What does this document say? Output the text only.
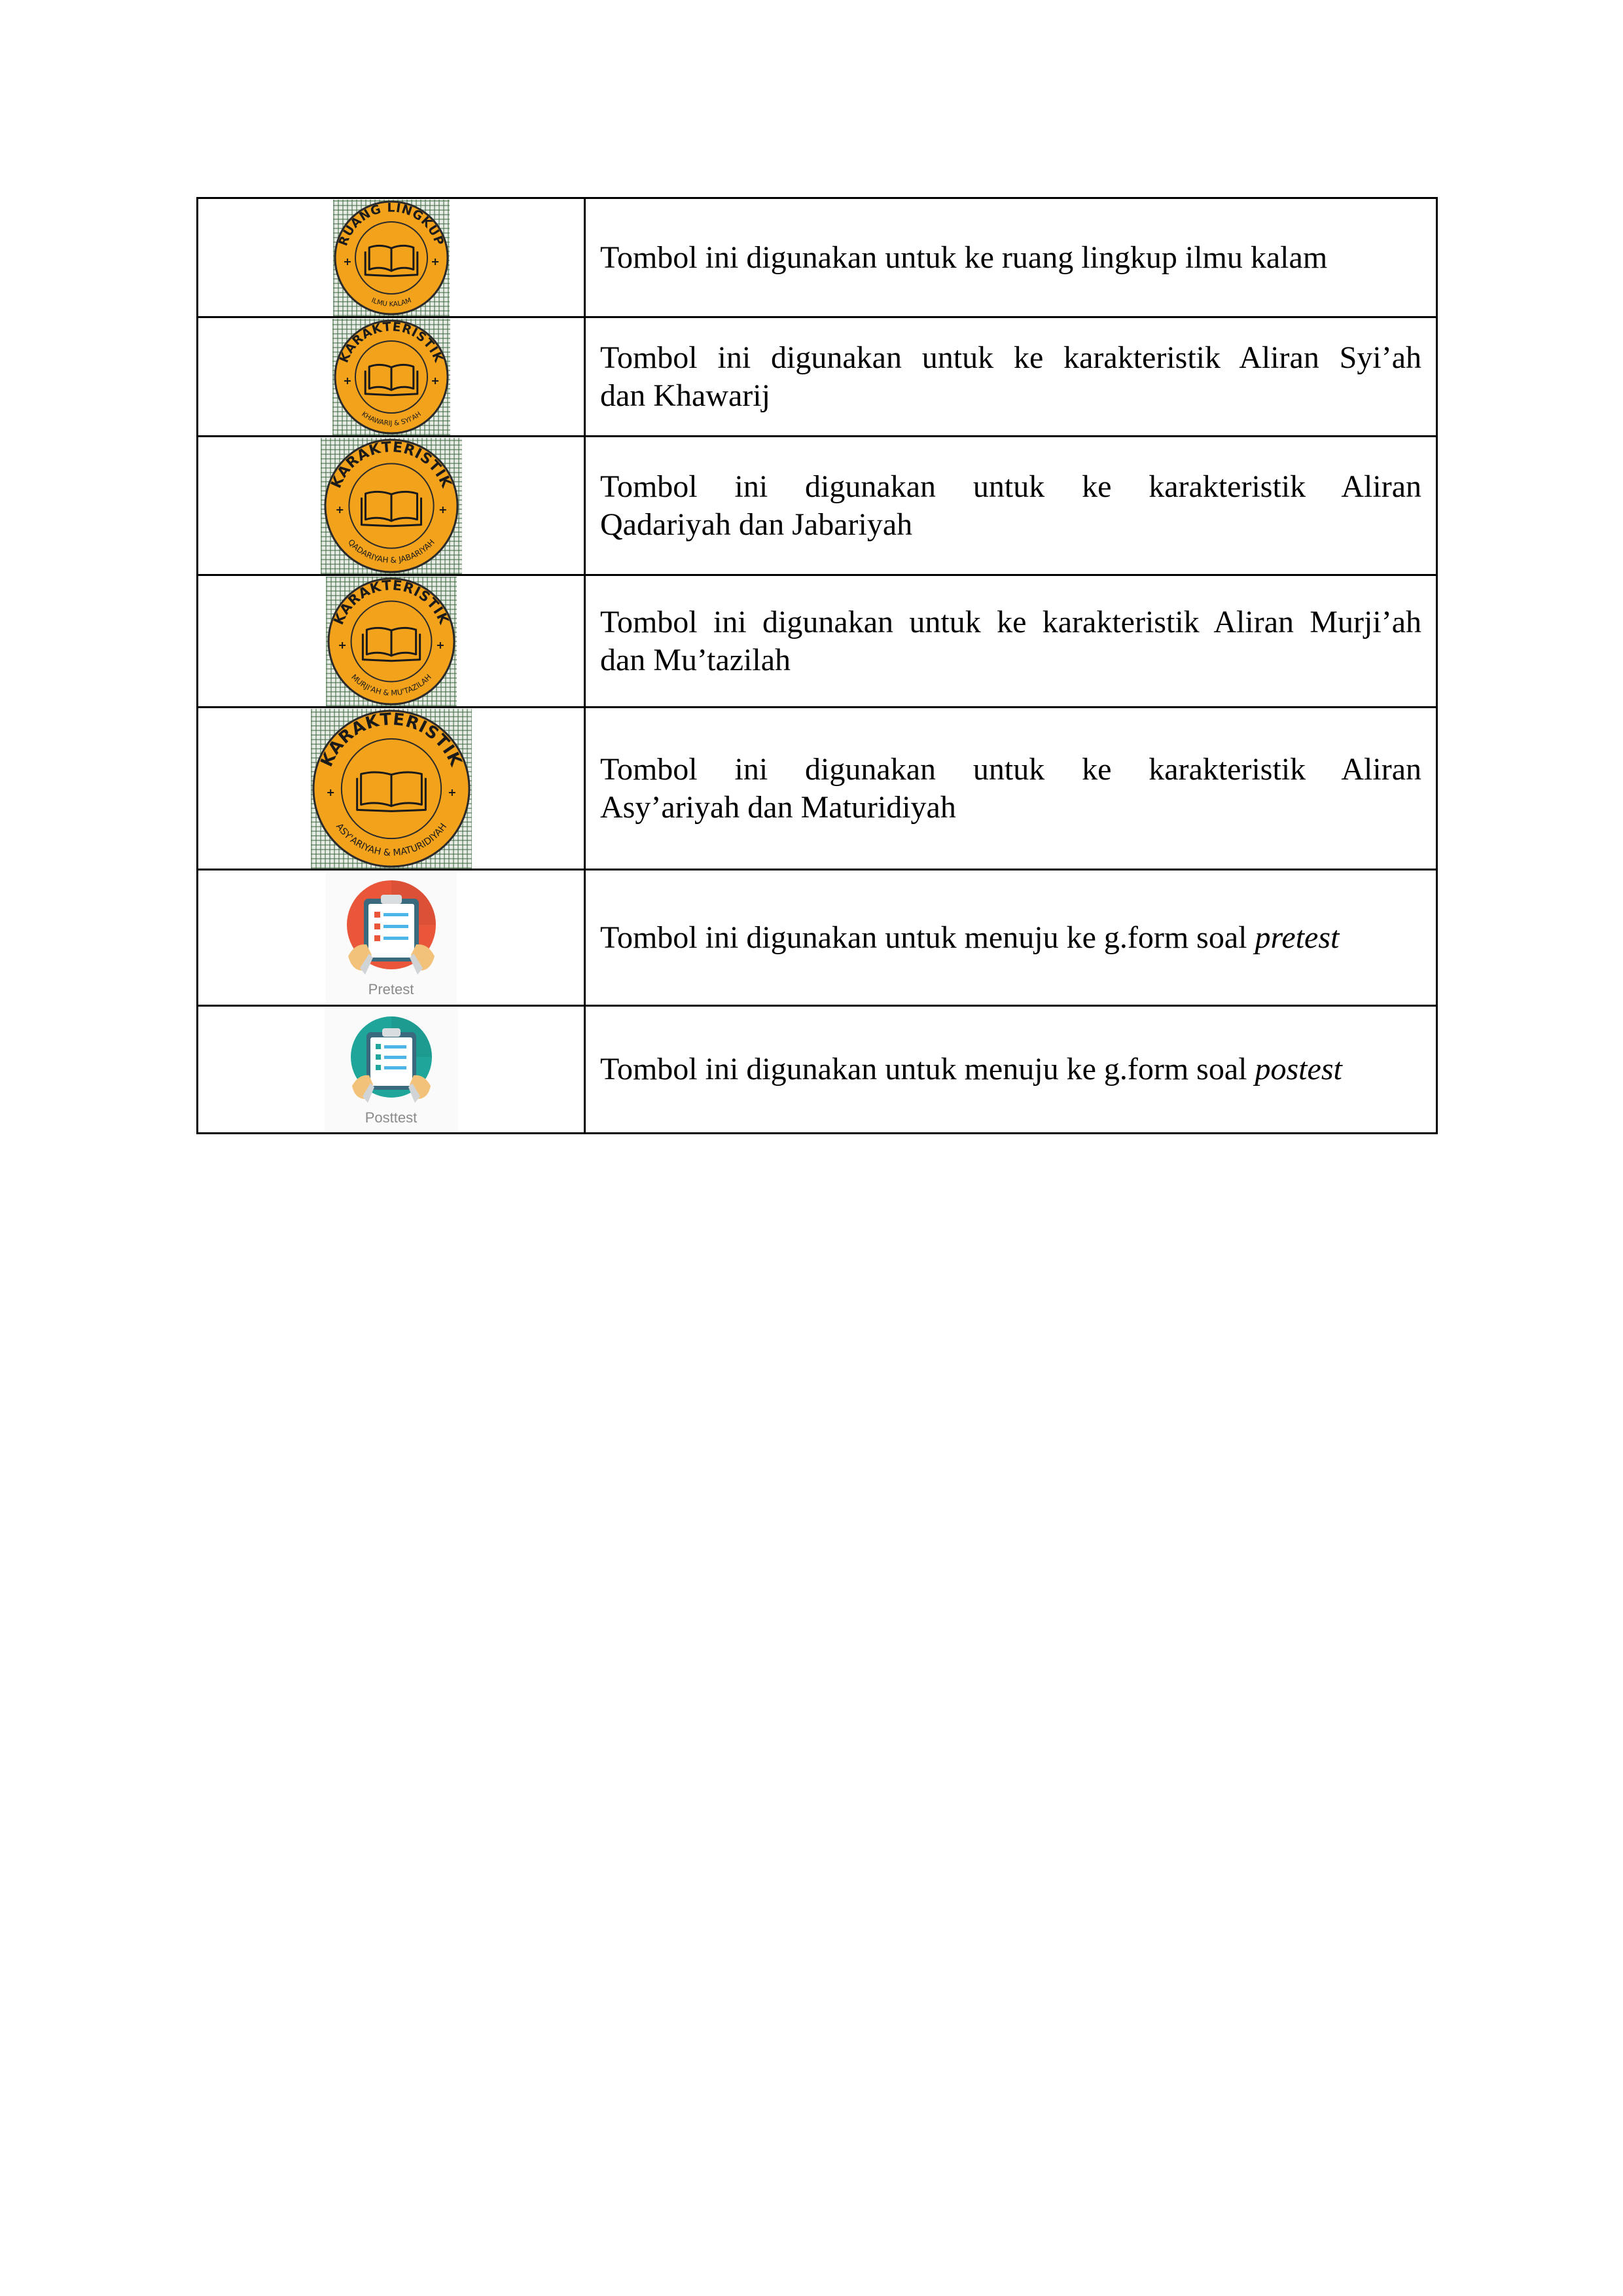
RUANG LINGKUP
ILMU KALAM	Tombol ini digunakan untuk ke ruang lingkup ilmu kalam

KARAKTERISTIK
KHAWARIJ & SYI'AH	Tombol ini digunakan untuk ke karakteristik Aliran Syi’ah
dan Khawarij

KARAKTERISTIK
QADARIYAH & JABARIYAH	Tombol ini digunakan untuk ke karakteristik Aliran
Qadariyah dan Jabariyah

KARAKTERISTIK
MURJI'AH & MU'TAZILAH	Tombol ini digunakan untuk ke karakteristik Aliran Murji’ah
dan Mu’tazilah

KARAKTERISTIK
ASY'ARIYAH & MATURIDIYAH	Tombol ini digunakan untuk ke karakteristik Aliran
Asy’ariyah dan Maturidiyah

Pretest	Tombol ini digunakan untuk menuju ke g.form soal pretest

Posttest	Tombol ini digunakan untuk menuju ke g.form soal postest
